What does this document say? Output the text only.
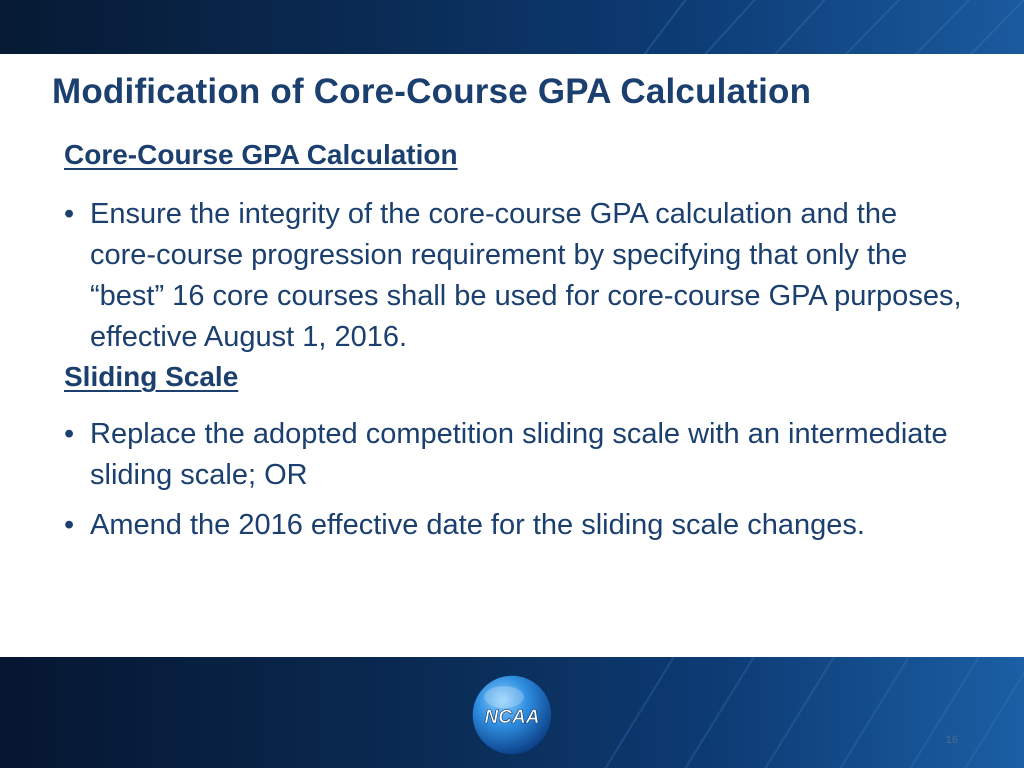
Modification of Core-Course GPA Calculation
Core-Course GPA Calculation
• Ensure the integrity of the core-course GPA calculation and the core-course progression requirement by specifying that only the “best” 16 core courses shall be used for core-course GPA purposes, effective August 1, 2016.
Sliding Scale
• Replace the adopted competition sliding scale with an intermediate sliding scale; OR
• Amend the 2016 effective date for the sliding scale changes.
NCAA
16
